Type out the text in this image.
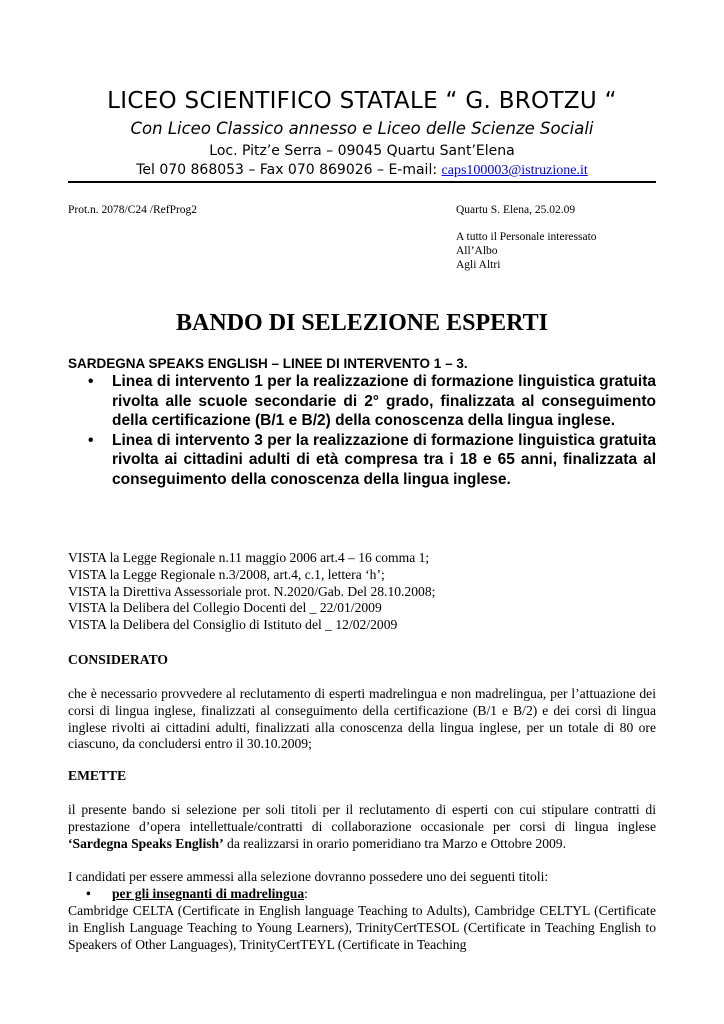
LICEO SCIENTIFICO STATALE “ G. BROTZU “
Con Liceo Classico annesso e Liceo delle Scienze Sociali
Loc. Pitz’e Serra – 09045 Quartu Sant’Elena
Tel 070 868053 – Fax 070 869026 – E-mail: caps100003@istruzione.it
Prot.n. 2078/C24 /RefProg2	Quartu S. Elena, 25.02.09
A tutto il Personale interessato
All’Albo
Agli Altri
BANDO DI SELEZIONE ESPERTI
SARDEGNA SPEAKS ENGLISH – LINEE DI INTERVENTO 1 – 3.
• Linea di intervento 1 per la realizzazione di formazione linguistica gratuita rivolta alle scuole secondarie di 2° grado, finalizzata al conseguimento della certificazione (B/1 e B/2) della conoscenza della lingua inglese.
• Linea di intervento 3 per la realizzazione di formazione linguistica gratuita rivolta ai cittadini adulti di età compresa tra i 18 e 65 anni, finalizzata al conseguimento della conoscenza della lingua inglese.
VISTA la Legge Regionale n.11 maggio 2006 art.4 – 16 comma 1;
VISTA la Legge Regionale n.3/2008, art.4, c.1, lettera ‘h’;
VISTA la Direttiva Assessoriale prot. N.2020/Gab. Del 28.10.2008;
VISTA la Delibera del Collegio Docenti del _ 22/01/2009
VISTA la Delibera del Consiglio di Istituto del _ 12/02/2009
CONSIDERATO
che è necessario provvedere al reclutamento di esperti madrelingua e non madrelingua, per l’attuazione dei corsi di lingua inglese, finalizzati al conseguimento della certificazione (B/1 e B/2) e dei corsi di lingua inglese rivolti ai cittadini adulti, finalizzati alla conoscenza della lingua inglese, per un totale di 80 ore ciascuno, da concludersi entro il 30.10.2009;
EMETTE
il presente bando si selezione per soli titoli per il reclutamento di esperti con cui stipulare contratti di prestazione d’opera intellettuale/contratti di collaborazione occasionale per corsi di lingua inglese ‘Sardegna Speaks English’ da realizzarsi in orario pomeridiano tra Marzo e Ottobre 2009.
I candidati per essere ammessi alla selezione dovranno possedere uno dei seguenti titoli:
• per gli insegnanti di madrelingua:
Cambridge CELTA (Certificate in English language Teaching to Adults), Cambridge CELTYL (Certificate in English Language Teaching to Young Learners), TrinityCertTESOL (Certificate in Teaching English to Speakers of Other Languages), TrinityCertTEYL (Certificate in Teaching
